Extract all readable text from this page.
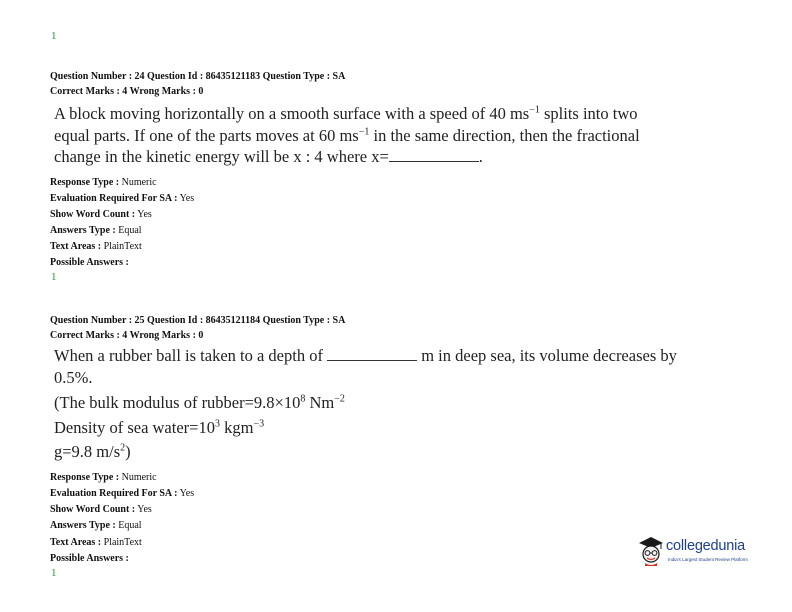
1
Question Number : 24 Question Id : 86435121183 Question Type : SA
Correct Marks : 4 Wrong Marks : 0
A block moving horizontally on a smooth surface with a speed of 40 $ms^{-1}$ splits into two
equal parts. If one of the parts moves at 60 $ms^{-1}$ in the same direction, then the fractional
change in the kinetic energy will be x : 4 where x=	.
Response Type : Numeric
Evaluation Required For SA : Yes
Show Word Count : Yes
Answers Type : Equal
Text Areas : PlainText
Possible Answers :
1
Question Number : 25 Question Id : 86435121184 Question Type : SA
Correct Marks : 4 Wrong Marks : 0
When a rubber ball is taken to a depth of	m in deep sea, its volume decreases by
0.5%.
(The bulk modulus of $rubber=9.8\times 10^8$ $Nm^{-2}$
Density of sea $water=10^3$ kgm$^{-3}$
g=9.8 $m/s^2$)
Response Type : Numeric
Evaluation Required For SA : Yes
Show Word Count : Yes
Answers Type : Equal
Text Areas : PlainText
Possible Answers :
1
collegedunia
India's Largest Student Review Platform
